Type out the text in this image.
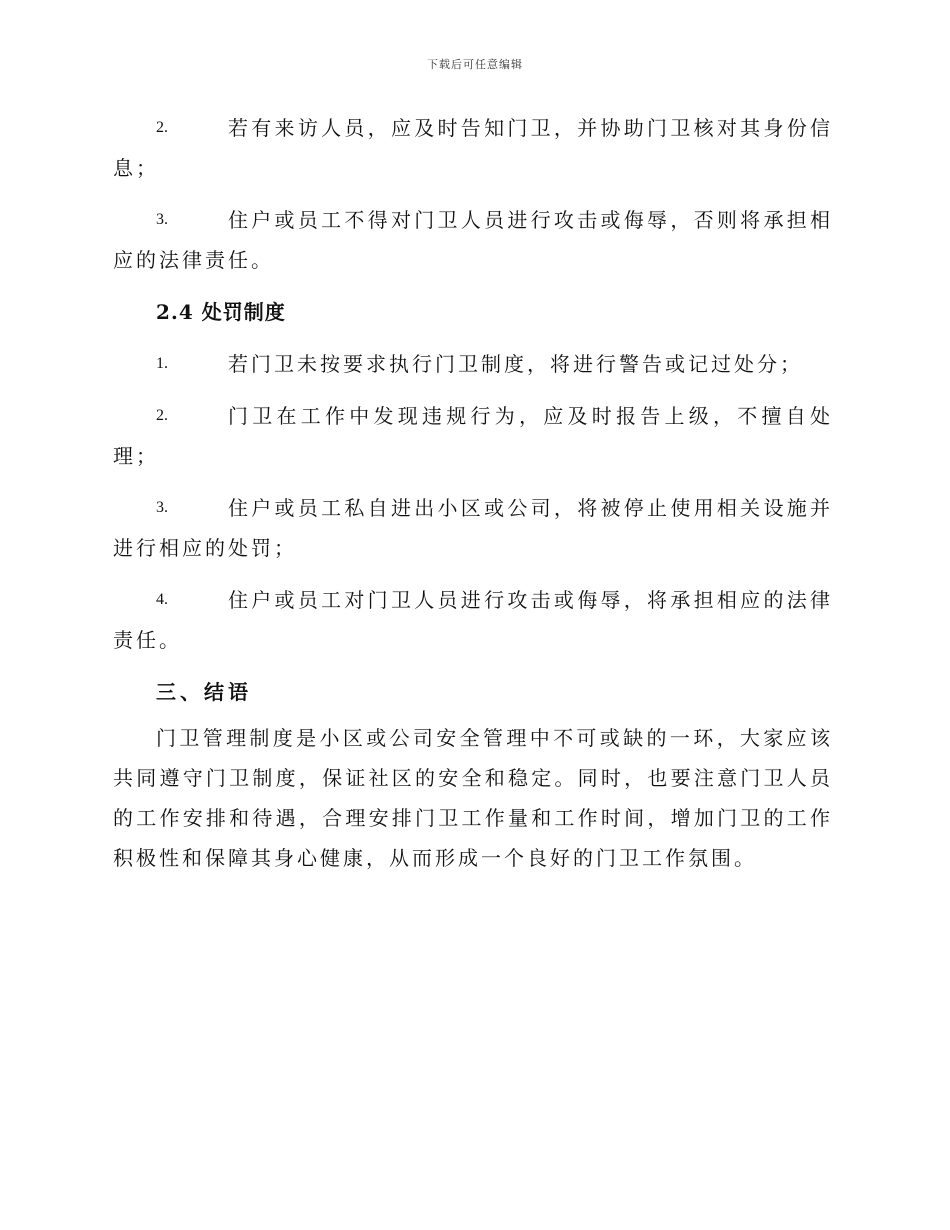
下载后可任意编辑

2.	若有来访人员，应及时告知门卫，并协助门卫核对其身份信息；

3.	住户或员工不得对门卫人员进行攻击或侮辱，否则将承担相应的法律责任。

2.4 处罚制度

1.	若门卫未按要求执行门卫制度，将进行警告或记过处分；

2.	门卫在工作中发现违规行为，应及时报告上级，不擅自处理；

3.	住户或员工私自进出小区或公司，将被停止使用相关设施并进行相应的处罚；

4.	住户或员工对门卫人员进行攻击或侮辱，将承担相应的法律责任。

三、结语

门卫管理制度是小区或公司安全管理中不可或缺的一环，大家应该共同遵守门卫制度，保证社区的安全和稳定。同时，也要注意门卫人员的工作安排和待遇，合理安排门卫工作量和工作时间，增加门卫的工作积极性和保障其身心健康，从而形成一个良好的门卫工作氛围。
